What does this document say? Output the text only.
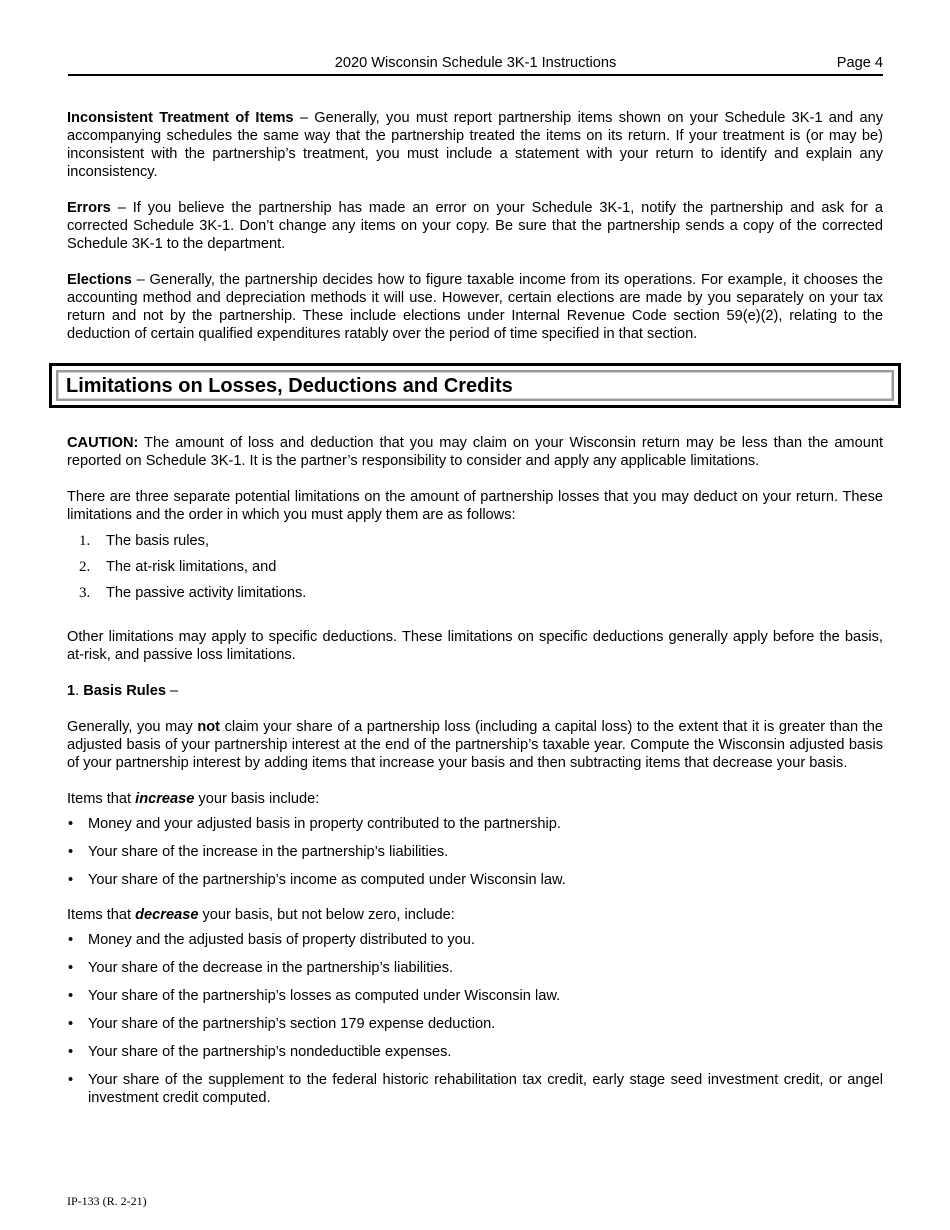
2020 Wisconsin Schedule 3K-1 Instructions	Page 4

Inconsistent Treatment of Items – Generally, you must report partnership items shown on your Schedule 3K-1 and any accompanying schedules the same way that the partnership treated the items on its return. If your treatment is (or may be) inconsistent with the partnership’s treatment, you must include a statement with your return to identify and explain any inconsistency.

Errors – If you believe the partnership has made an error on your Schedule 3K-1, notify the partnership and ask for a corrected Schedule 3K-1. Don’t change any items on your copy. Be sure that the partnership sends a copy of the corrected Schedule 3K-1 to the department.

Elections – Generally, the partnership decides how to figure taxable income from its operations. For example, it chooses the accounting method and depreciation methods it will use. However, certain elections are made by you separately on your tax return and not by the partnership. These include elections under Internal Revenue Code section 59(e)(2), relating to the deduction of certain qualified expenditures ratably over the period of time specified in that section.

Limitations on Losses, Deductions and Credits

CAUTION: The amount of loss and deduction that you may claim on your Wisconsin return may be less than the amount reported on Schedule 3K-1. It is the partner’s responsibility to consider and apply any applicable limitations.

There are three separate potential limitations on the amount of partnership losses that you may deduct on your return. These limitations and the order in which you must apply them are as follows:

1. The basis rules,
2. The at-risk limitations, and
3. The passive activity limitations.

Other limitations may apply to specific deductions. These limitations on specific deductions generally apply before the basis, at-risk, and passive loss limitations.

1. Basis Rules –

Generally, you may not claim your share of a partnership loss (including a capital loss) to the extent that it is greater than the adjusted basis of your partnership interest at the end of the partnership’s taxable year. Compute the Wisconsin adjusted basis of your partnership interest by adding items that increase your basis and then subtracting items that decrease your basis.

Items that increase your basis include:

• Money and your adjusted basis in property contributed to the partnership.
• Your share of the increase in the partnership’s liabilities.
• Your share of the partnership’s income as computed under Wisconsin law.

Items that decrease your basis, but not below zero, include:

• Money and the adjusted basis of property distributed to you.
• Your share of the decrease in the partnership’s liabilities.
• Your share of the partnership’s losses as computed under Wisconsin law.
• Your share of the partnership’s section 179 expense deduction.
• Your share of the partnership’s nondeductible expenses.
• Your share of the supplement to the federal historic rehabilitation tax credit, early stage seed investment credit, or angel investment credit computed.
IP-133 (R. 2-21)
